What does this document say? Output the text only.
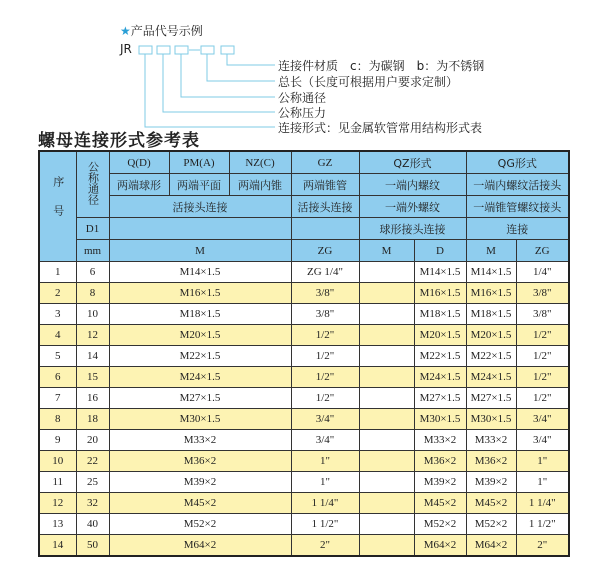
★产品代号示例
JR
连接件材质　c：为碳钢　b：为不锈钢
总长（长度可根据用户要求定制）
公称通径
公称压力
连接形式：见金属软管常用结构形式表
螺母连接形式参考表
序号	公称通径	Q(D)	PM(A)	NZ(C)	GZ	QZ形式		QG形式	
		两端球形	两端平面	两端内锥	两端锥管	一端内螺纹		一端内螺纹活接头	
		活接头连接			活接头连接	一端外螺纹		一端锥管螺纹接头	
	D1					球形接头连接		连接	
	mm	M			ZG	M	D	M	ZG
1	6	M14×1.5			ZG 1/4"		M14×1.5	M14×1.5	1/4"
2	8	M16×1.5			3/8"		M16×1.5	M16×1.5	3/8"
3	10	M18×1.5			3/8"		M18×1.5	M18×1.5	3/8"
4	12	M20×1.5			1/2"		M20×1.5	M20×1.5	1/2"
5	14	M22×1.5			1/2"		M22×1.5	M22×1.5	1/2"
6	15	M24×1.5			1/2"		M24×1.5	M24×1.5	1/2"
7	16	M27×1.5			1/2"		M27×1.5	M27×1.5	1/2"
8	18	M30×1.5			3/4"		M30×1.5	M30×1.5	3/4"
9	20	M33×2			3/4"		M33×2	M33×2	3/4"
10	22	M36×2			1"		M36×2	M36×2	1"
11	25	M39×2			1"		M39×2	M39×2	1"
12	32	M45×2			1 1/4"		M45×2	M45×2	1 1/4"
13	40	M52×2			1 1/2"		M52×2	M52×2	1 1/2"
14	50	M64×2			2"		M64×2	M64×2	2"
